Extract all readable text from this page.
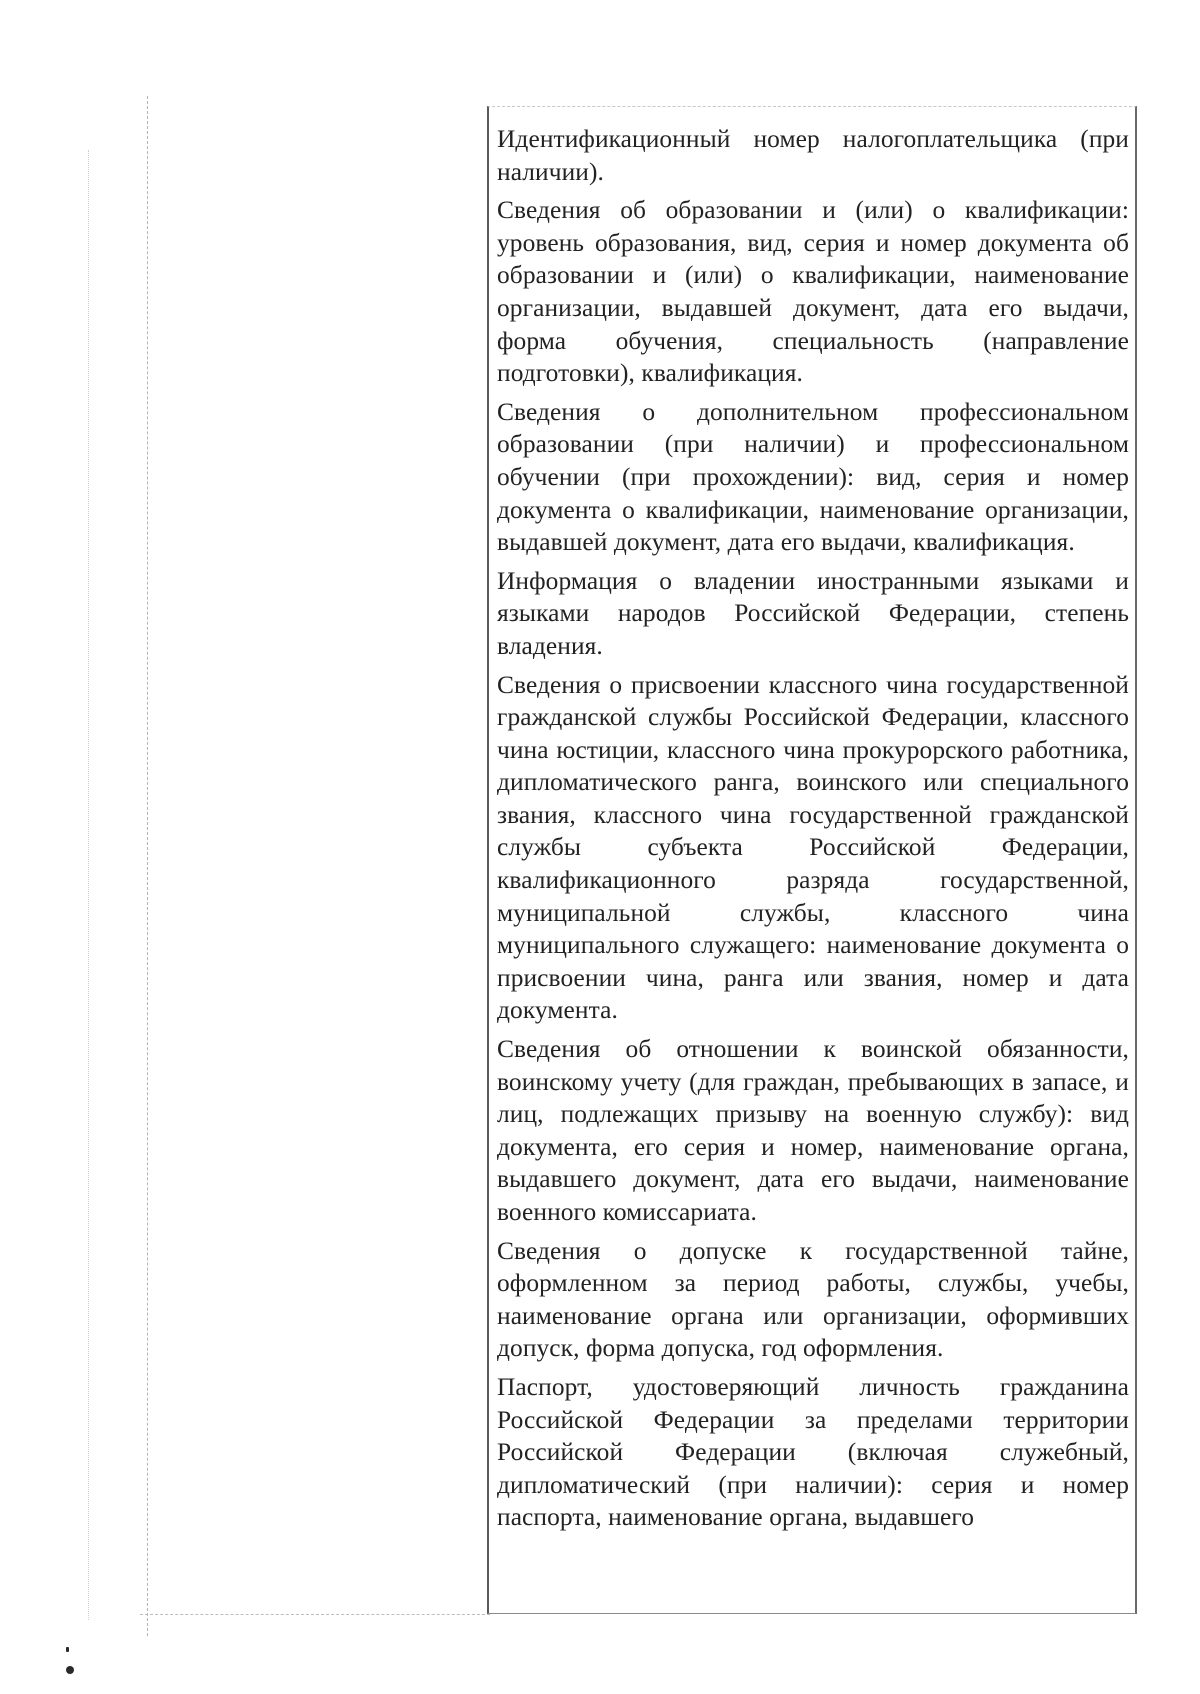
Идентификационный номер налогоплательщика (при наличии).

Сведения об образовании и (или) о квалификации: уровень образования, вид, серия и номер документа об образовании и (или) о квалификации, наименование организации, выдавшей документ, дата его выдачи, форма обучения, специальность (направление подготовки), квалификация.

Сведения о дополнительном профессиональном образовании (при наличии) и профессиональном обучении (при прохождении): вид, серия и номер документа о квалификации, наименование организации, выдавшей документ, дата его выдачи, квалификация.

Информация о владении иностранными языками и языками народов Российской Федерации, степень владения.

Сведения о присвоении классного чина государственной гражданской службы Российской Федерации, классного чина юстиции, классного чина прокурорского работника, дипломатического ранга, воинского или специального звания, классного чина государственной гражданской службы субъекта Российской Федерации, квалификационного разряда государственной, муниципальной службы, классного чина муниципального служащего: наименование документа о присвоении чина, ранга или звания, номер и дата документа.

Сведения об отношении к воинской обязанности, воинскому учету (для граждан, пребывающих в запасе, и лиц, подлежащих призыву на военную службу): вид документа, его серия и номер, наименование органа, выдавшего документ, дата его выдачи, наименование военного комиссариата.

Сведения о допуске к государственной тайне, оформленном за период работы, службы, учебы, наименование органа или организации, оформивших допуск, форма допуска, год оформления.

Паспорт, удостоверяющий личность гражданина Российской Федерации за пределами территории Российской Федерации (включая служебный, дипломатический (при наличии): серия и номер паспорта, наименование органа, выдавшего
